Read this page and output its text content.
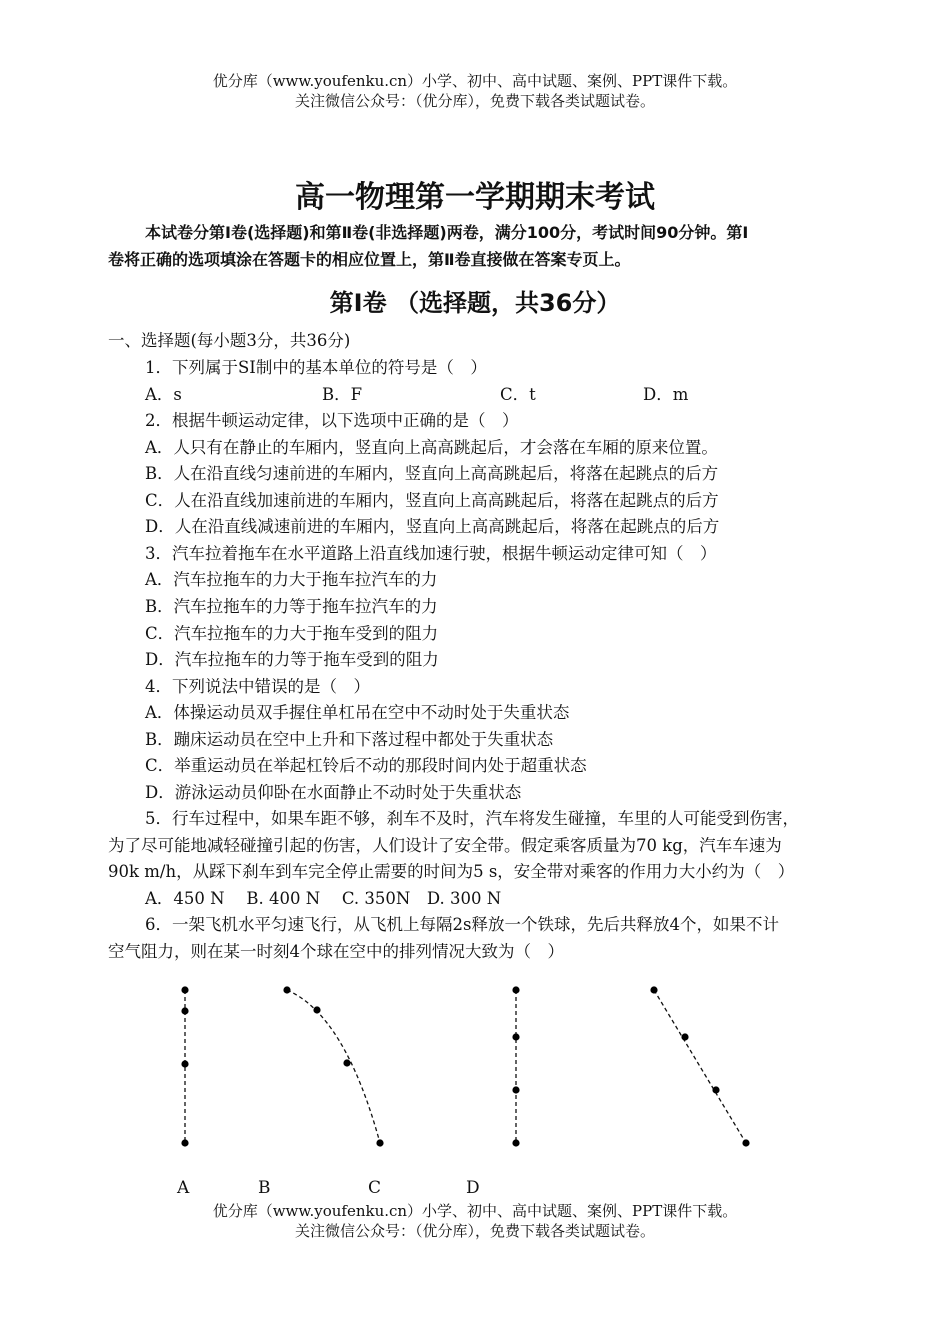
优分库（www.youfenku.cn）小学、初中、高中试题、案例、PPT课件下载。
关注微信公众号：（优分库），免费下载各类试题试卷。
高一物理第一学期期末考试
本试卷分第Ⅰ卷(选择题)和第Ⅱ卷(非选择题)两卷，满分100分，考试时间90分钟。第Ⅰ
卷将正确的选项填涂在答题卡的相应位置上，第Ⅱ卷直接做在答案专页上。
第Ⅰ卷 （选择题，共36分）
一、选择题(每小题3分，共36分)
1．下列属于SI制中的基本单位的符号是（　）
A．s	B．F	C．t	D．m
2．根据牛顿运动定律，以下选项中正确的是（　）
A．人只有在静止的车厢内，竖直向上高高跳起后，才会落在车厢的原来位置。
B．人在沿直线匀速前进的车厢内，竖直向上高高跳起后，将落在起跳点的后方
C．人在沿直线加速前进的车厢内，竖直向上高高跳起后，将落在起跳点的后方
D．人在沿直线减速前进的车厢内，竖直向上高高跳起后，将落在起跳点的后方
3．汽车拉着拖车在水平道路上沿直线加速行驶，根据牛顿运动定律可知（　）
A．汽车拉拖车的力大于拖车拉汽车的力
B．汽车拉拖车的力等于拖车拉汽车的力
C．汽车拉拖车的力大于拖车受到的阻力
D．汽车拉拖车的力等于拖车受到的阻力
4．下列说法中错误的是（　）
A．体操运动员双手握住单杠吊在空中不动时处于失重状态
B．蹦床运动员在空中上升和下落过程中都处于失重状态
C．举重运动员在举起杠铃后不动的那段时间内处于超重状态
D．游泳运动员仰卧在水面静止不动时处于失重状态
5．行车过程中，如果车距不够，刹车不及时，汽车将发生碰撞，车里的人可能受到伤害，
为了尽可能地减轻碰撞引起的伤害，人们设计了安全带。假定乘客质量为70 kg，汽车车速为
90k m/h，从踩下刹车到车完全停止需要的时间为5 s，安全带对乘客的作用力大小约为（　）
A．450 N　 B. 400 N　 C. 350N　D. 300 N
6．一架飞机水平匀速飞行，从飞机上每隔2s释放一个铁球，先后共释放4个，如果不计
空气阻力，则在某一时刻4个球在空中的排列情况大致为（　）
A	B	C	D
优分库（www.youfenku.cn）小学、初中、高中试题、案例、PPT课件下载。
关注微信公众号：（优分库），免费下载各类试题试卷。
